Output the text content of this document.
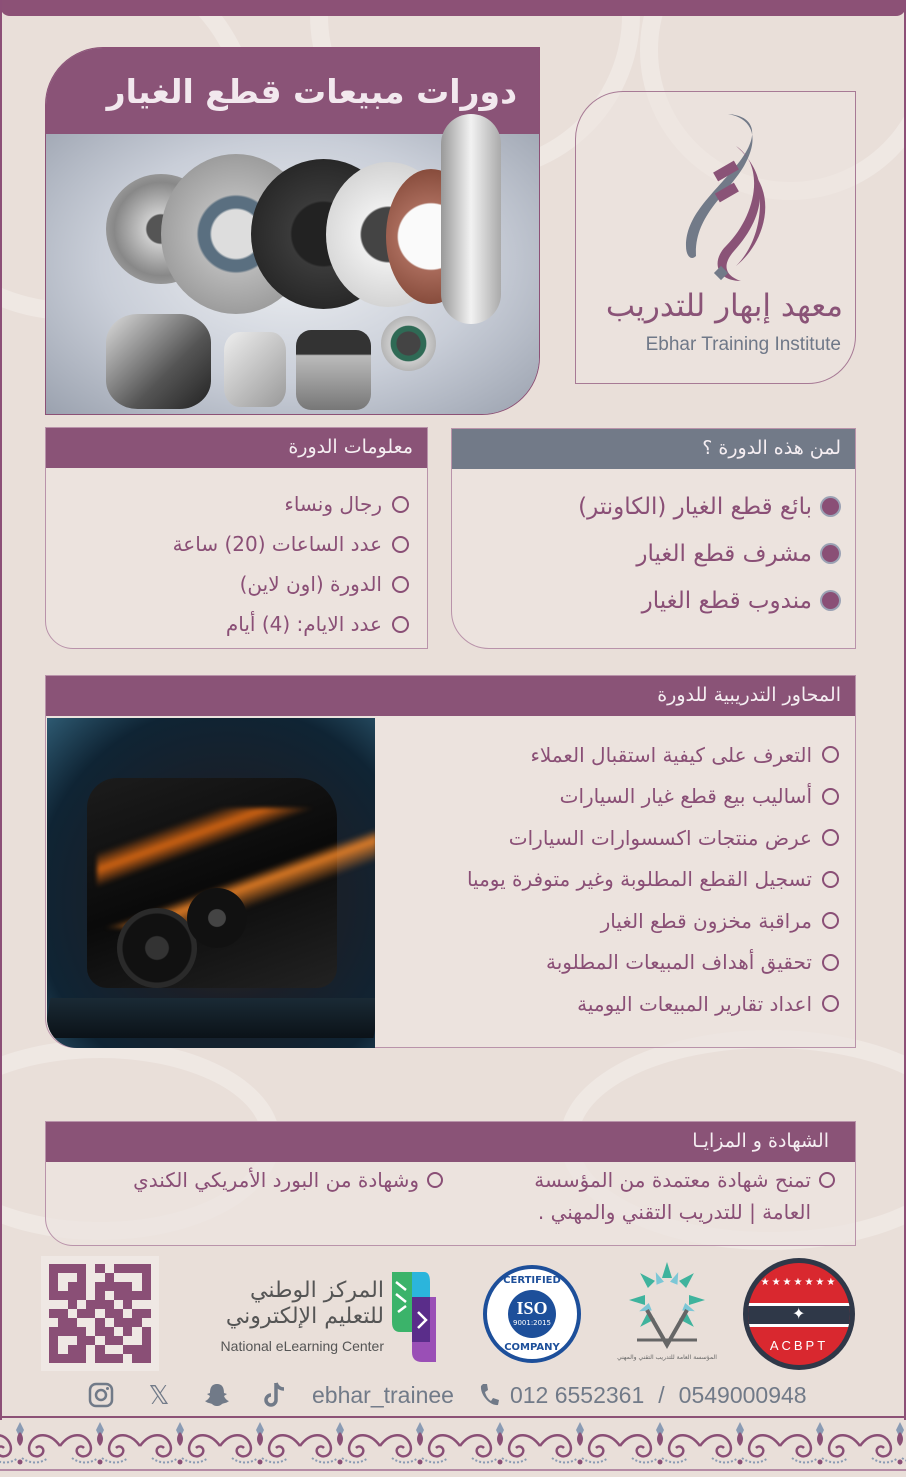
دورات مبيعات قطع الغيار
معهد إبهار للتدريب
Ebhar Training Institute
معلومات الدورة
رجال ونساء
عدد الساعات (20) ساعة
الدورة (اون لاين)
عدد الايام: (4) أيام
لمن هذه الدورة ؟
بائع قطع الغيار (الكاونتر)
مشرف قطع الغيار
مندوب قطع الغيار
المحاور التدريبية للدورة
التعرف على كيفية استقبال العملاء
أساليب بيع قطع غيار السيارات
عرض منتجات اكسسوارات السيارات
تسجيل القطع المطلوبة وغير متوفرة يوميا
مراقبة مخزون قطع الغيار
تحقيق أهداف المبيعات المطلوبة
اعداد تقارير المبيعات اليومية
الشهادة و المزايـا
تمنح شهادة معتمدة من المؤسسة
العامة | للتدريب التقني والمهني .
وشهادة من البورد الأمريكي الكندي
المركز الوطني
للتعليم الإلكتروني
National eLearning Center
CERTIFIED
ISO
9001:2015
COMPANY
المؤسسة العامة للتدريب التقني والمهني
★★★★★★★
✦
ACBPT
𝕏	ebhar_trainee 012 6552361 / 0549000948
